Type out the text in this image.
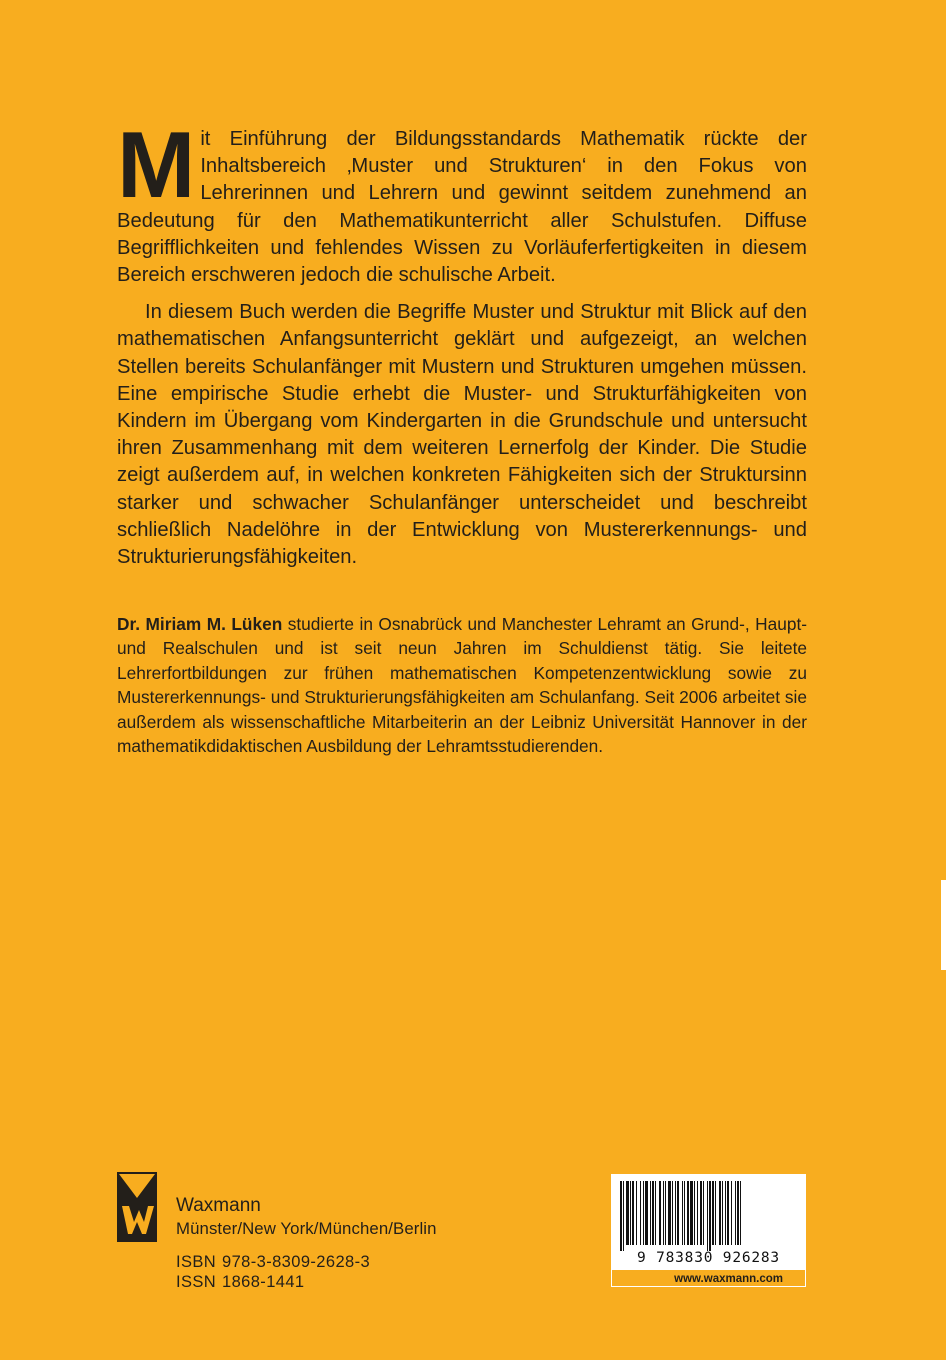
Mit Einführung der Bildungsstandards Mathematik rückte der Inhaltsbereich ‚Muster und Strukturen‘ in den Fokus von Lehrerinnen und Lehrern und gewinnt seitdem zunehmend an Bedeutung für den Mathematikunterricht aller Schulstufen. Diffuse Begrifflichkeiten und fehlendes Wissen zu Vorläuferfertigkeiten in diesem Bereich erschweren jedoch die schulische Arbeit.

In diesem Buch werden die Begriffe Muster und Struktur mit Blick auf den mathematischen Anfangsunterricht geklärt und aufgezeigt, an welchen Stellen bereits Schulanfänger mit Mustern und Strukturen umgehen müssen. Eine empirische Studie erhebt die Muster- und Strukturfähigkeiten von Kindern im Übergang vom Kindergarten in die Grundschule und untersucht ihren Zusammenhang mit dem weiteren Lernerfolg der Kinder. Die Studie zeigt außerdem auf, in welchen konkreten Fähigkeiten sich der Struktursinn starker und schwacher Schulanfänger unterscheidet und beschreibt schließlich Nadelöhre in der Entwicklung von Mustererkennungs- und Strukturierungsfähigkeiten.

Dr. Miriam M. Lüken studierte in Osnabrück und Manchester Lehramt an Grund-, Haupt- und Realschulen und ist seit neun Jahren im Schuldienst tätig. Sie leitete Lehrerfortbildungen zur frühen mathematischen Kompetenzentwicklung sowie zu Mustererkennungs- und Strukturierungsfähigkeiten am Schulanfang. Seit 2006 arbeitet sie außerdem als wissenschaftliche Mitarbeiterin an der Leibniz Universität Hannover in der mathematikdidaktischen Ausbildung der Lehramtsstudierenden.

Waxmann
Münster/New York/München/Berlin
ISBN 978-3-8309-2628-3
ISSN 1868-1441
9 783830 926283
www.waxmann.com
